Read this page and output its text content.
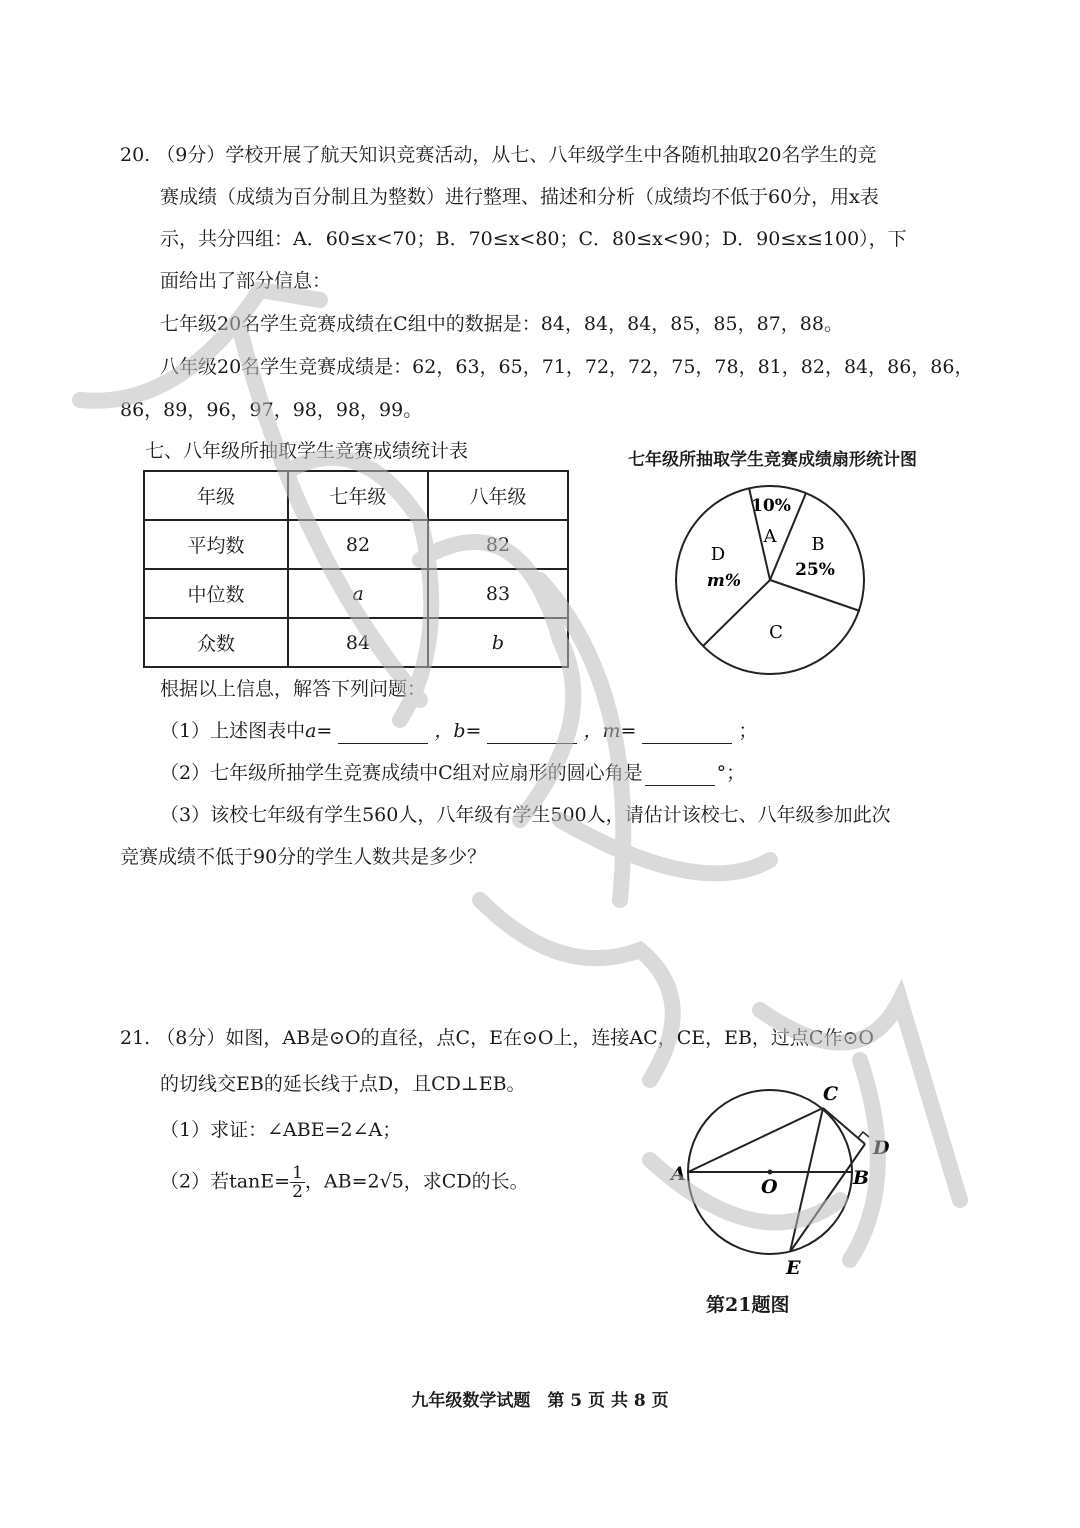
20. （9分）学校开展了航天知识竞赛活动，从七、八年级学生中各随机抽取20名学生的竞
赛成绩（成绩为百分制且为整数）进行整理、描述和分析（成绩均不低于60分，用x表
示，共分四组：A．60≤x<70；B．70≤x<80；C．80≤x<90；D．90≤x≤100），下
面给出了部分信息：
七年级20名学生竞赛成绩在C组中的数据是：84，84，84，85，85，87，88。
八年级20名学生竞赛成绩是：62，63，65，71，72，72，75，78，81，82，84，86，86，
86，89，96，97，98，98，99。
七、八年级所抽取学生竞赛成绩统计表	七年级所抽取学生竞赛成绩扇形统计图
年级	七年级	八年级
平均数	82	82
中位数	a	83
众数	84	b
A
10%
B
25%
C
D
m%
根据以上信息，解答下列问题：
（1）上述图表中a=	，b=	，m=	；
（2）七年级所抽学生竞赛成绩中C组对应扇形的圆心角是	°；
（3）该校七年级有学生560人，八年级有学生500人，请估计该校七、八年级参加此次
竞赛成绩不低于90分的学生人数共是多少？
21. （8分）如图，AB是⊙O的直径，点C，E在⊙O上，连接AC，CE，EB，过点C作⊙O
的切线交EB的延长线于点D，且CD⊥EB。
（1）求证：∠ABE=2∠A；
（2）若$\tan E= \frac{1}{2}$ ，AB=2√5，求CD的长。	A	B
C
D
E
O
第21题图
九年级数学试题　第 5 页 共 8 页
